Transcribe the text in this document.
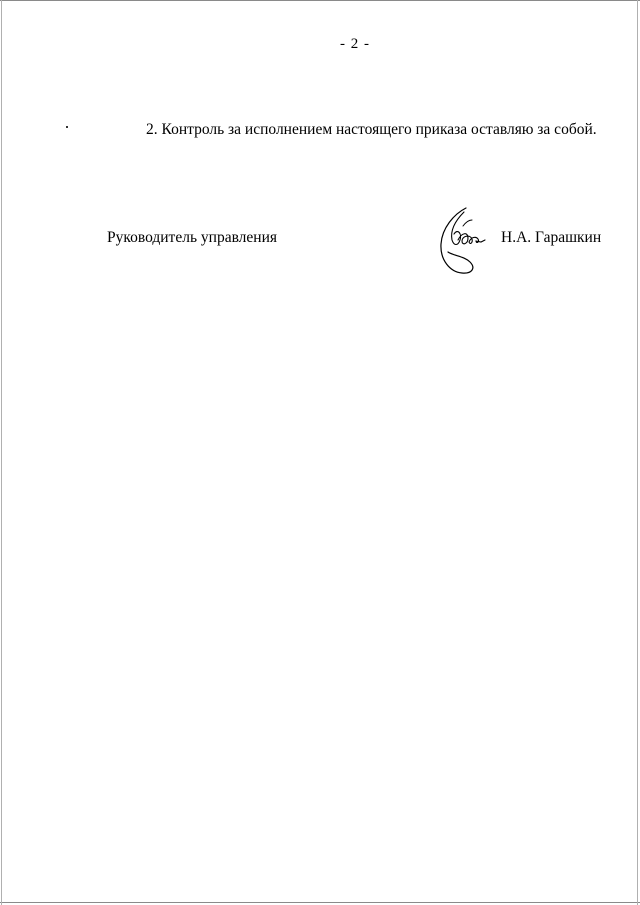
- 2 -
2. Контроль за исполнением настоящего приказа оставляю за собой.
Руководитель управления	Н.А. Гарашкин
